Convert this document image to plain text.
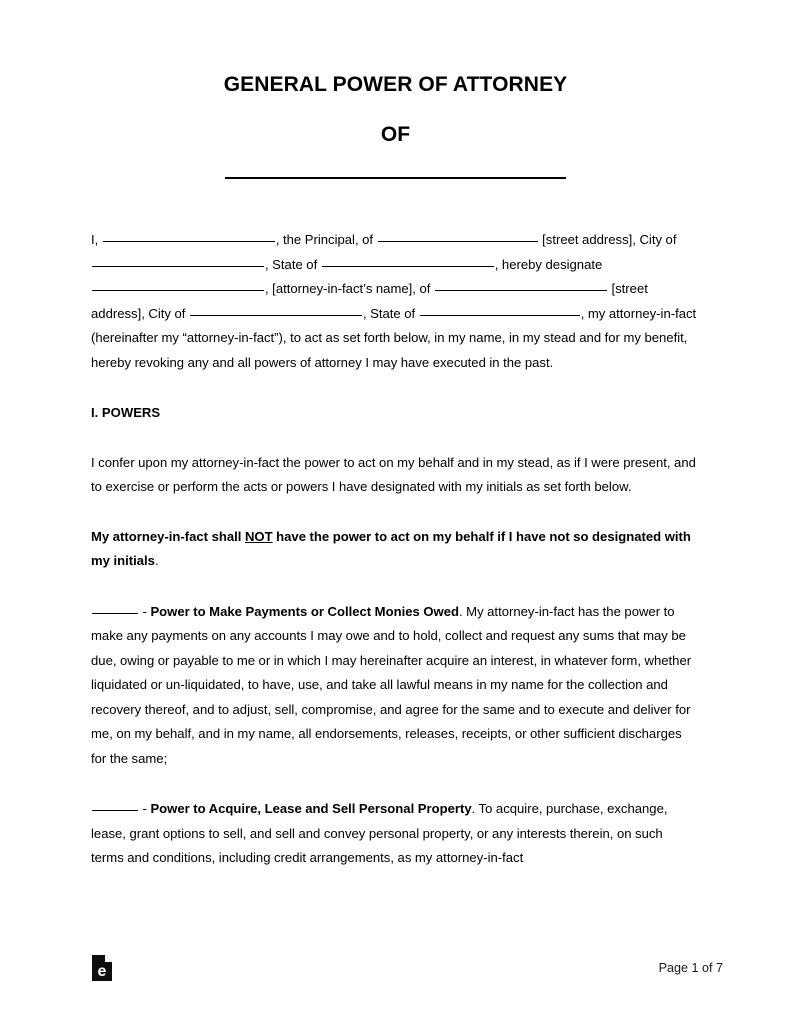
GENERAL POWER OF ATTORNEY
OF

I,	, the Principal, of	[street address], City of , State of	, hereby designate , [attorney-in-fact’s name], of	[street address], City of	, State of	, my attorney-in-fact (hereinafter my “attorney-in-fact”), to act as set forth below, in my name, in my stead and for my benefit, hereby revoking any and all powers of attorney I may have executed in the past.

I. POWERS

I confer upon my attorney-in-fact the power to act on my behalf and in my stead, as if I were present, and to exercise or perform the acts or powers I have designated with my initials as set forth below.

My attorney-in-fact shall NOT have the power to act on my behalf if I have not so designated with my initials.

- Power to Make Payments or Collect Monies Owed. My attorney-in-fact has the power to make any payments on any accounts I may owe and to hold, collect and request any sums that may be due, owing or payable to me or in which I may hereinafter acquire an interest, in whatever form, whether liquidated or un-liquidated, to have, use, and take all lawful means in my name for the collection and recovery thereof, and to adjust, sell, compromise, and agree for the same and to execute and deliver for me, on my behalf, and in my name, all endorsements, releases, receipts, or other sufficient discharges for the same;

- Power to Acquire, Lease and Sell Personal Property. To acquire, purchase, exchange, lease, grant options to sell, and sell and convey personal property, or any interests therein, on such terms and conditions, including credit arrangements, as my attorney-in-fact

e	Page 1 of 7
